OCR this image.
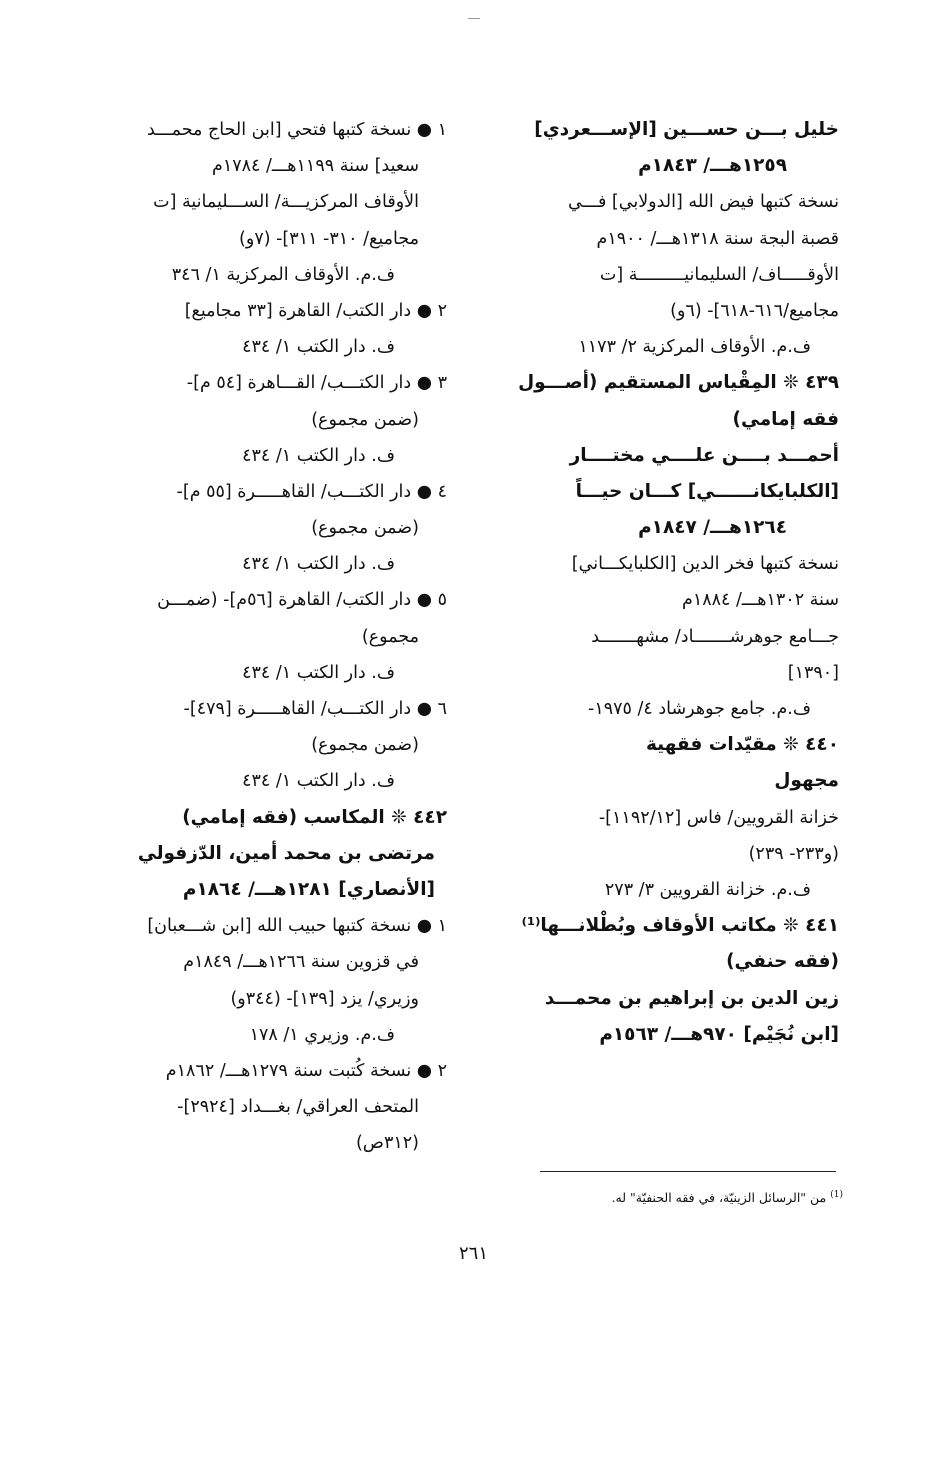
خليل بـــن حســـين [الإســـعردي]
١٢٥٩هـــ/ ١٨٤٣م
نسخة كتبها فيض الله [الدولابي] فـــي
قصبة البجة سنة ١٣١٨هـــ/ ١٩٠٠م
الأوقـــــاف/ السليمانيـــــــــة [ت
مجاميع/٦١٦-٦١٨]- (٦و)
ف.م. الأوقاف المركزية ٢/ ١١٧٣
٤٣٩ ❊ المِقْياس المستقيم (أصـــول
فقه إمامي)
أحمـــد بــــن علــــي مختــــار
[الكلبايكانــــــي] كـــان حيـــاً
١٢٦٤هـــ/ ١٨٤٧م
نسخة كتبها فخر الدين [الكلبايكـــاني]
سنة ١٣٠٢هـــ/ ١٨٨٤م
جـــامع جوهرشـــــــاد/ مشهـــــــد
[١٣٩٠]
ف.م. جامع جوهرشاد ٤/ ١٩٧٥-
٤٤٠ ❊ مقيّدات فقهية
مجهول
خزانة القرويين/ فاس [١١٩٢/١٢]-
(و٢٣٣- ٢٣٩)
ف.م. خزانة القرويين ٣/ ٢٧٣
٤٤١ ❊ مكاتب الأوقاف وبُطْلانـــها⁽¹⁾
(فقه حنفي)
زين الدين بن إبراهيم بن محمـــد
[ابن نُجَيْم] ٩٧٠هـــ/ ١٥٦٣م
١ ● نسخة كتبها فتحي [ابن الحاج محمـــد
سعيد] سنة ١١٩٩هـــ/ ١٧٨٤م
الأوقاف المركزيـــة/ الســـليمانية [ت
مجاميع/ ٣١٠- ٣١١]- (٧و)
ف.م. الأوقاف المركزية ١/ ٣٤٦
٢ ● دار الكتب/ القاهرة [٣٣ مجاميع]
ف. دار الكتب ١/ ٤٣٤
٣ ● دار الكتـــب/ القـــاهرة [٥٤ م]-
(ضمن مجموع)
ف. دار الكتب ١/ ٤٣٤
٤ ● دار الكتـــب/ القاهـــــرة [٥٥ م]-
(ضمن مجموع)
ف. دار الكتب ١/ ٤٣٤
٥ ● دار الكتب/ القاهرة [٥٦م]- (ضمـــن
مجموع)
ف. دار الكتب ١/ ٤٣٤
٦ ● دار الكتـــب/ القاهـــــرة [٤٧٩]-
(ضمن مجموع)
ف. دار الكتب ١/ ٤٣٤
٤٤٢ ❊ المكاسب (فقه إمامي)
مرتضى بن محمد أمين، الدّزفولي
[الأنصاري] ١٢٨١هـــ/ ١٨٦٤م
١ ● نسخة كتبها حبيب الله [ابن شـــعبان]
في قزوين سنة ١٢٦٦هـــ/ ١٨٤٩م
وزيري/ يزد [١٣٩]- (٣٤٤و)
ف.م. وزيري ١/ ١٧٨
٢ ● نسخة كُتبت سنة ١٢٧٩هـــ/ ١٨٦٢م
المتحف العراقي/ بغـــداد [٢٩٢٤]-
(٣١٢ص)
$^{(1)}$ من "الرسائل الزينيّة، في فقه الحنفيّة" له.
٢٦١
